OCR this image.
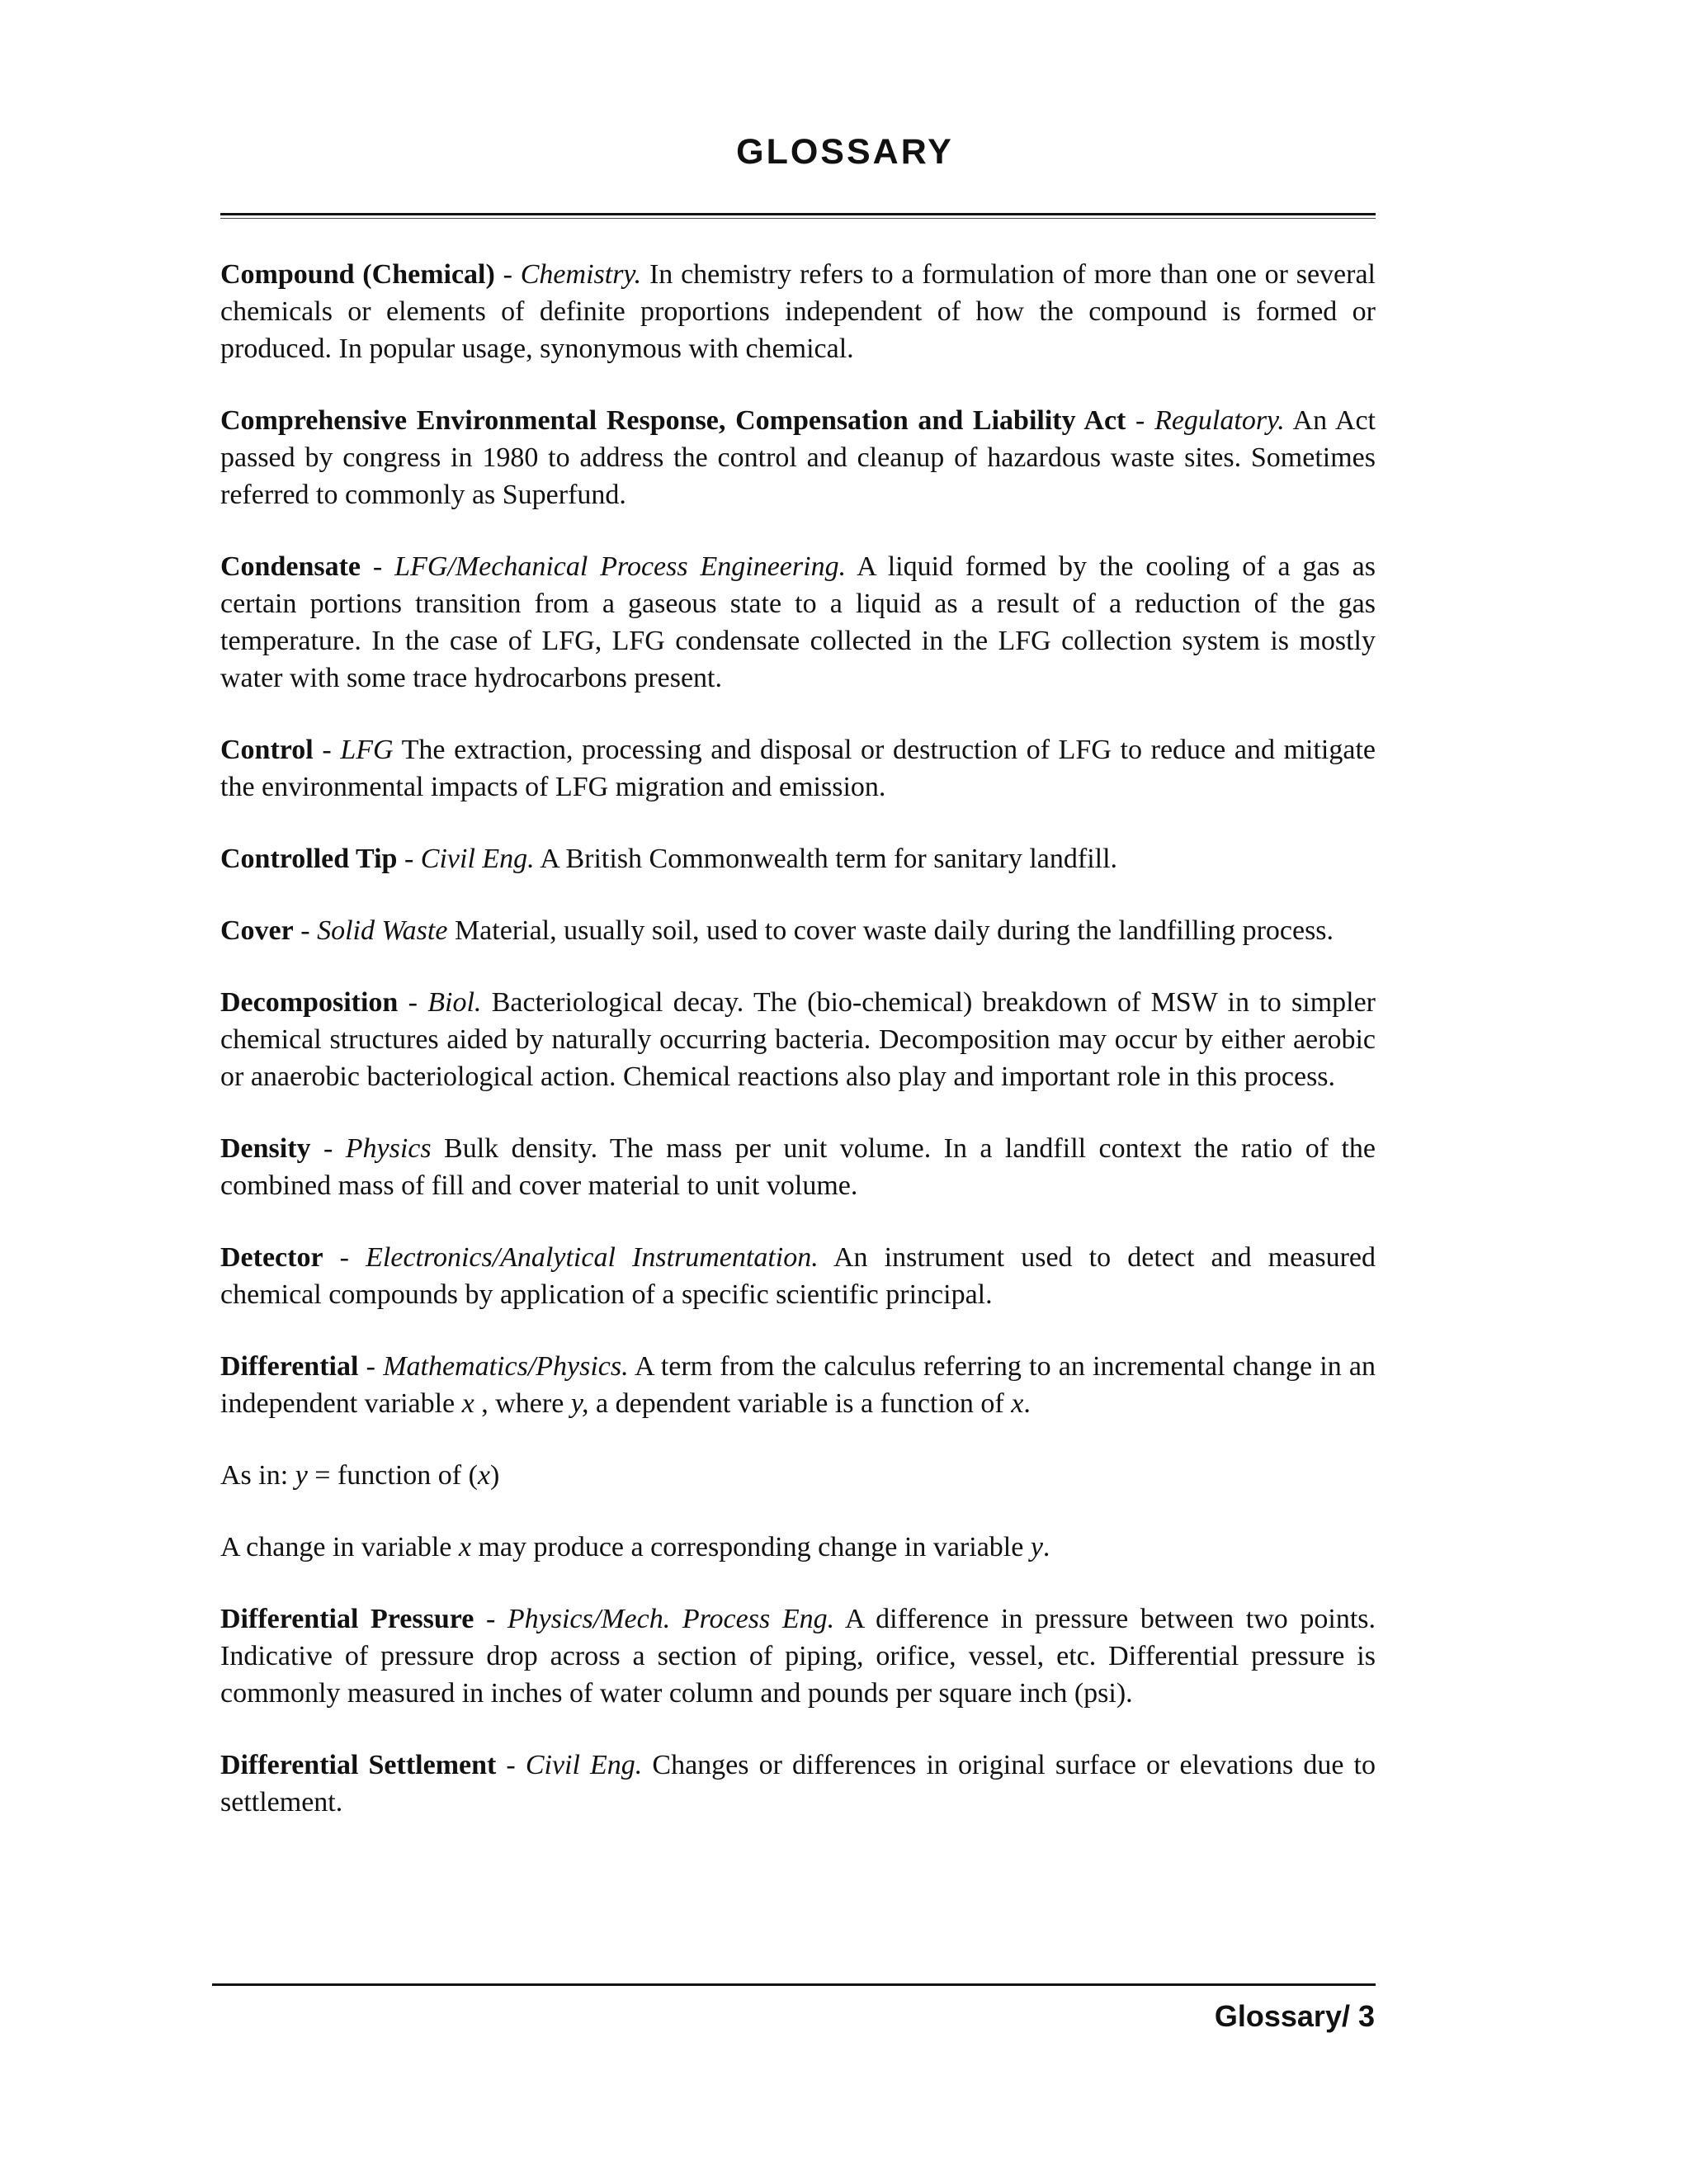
GLOSSARY

Compound (Chemical) - Chemistry. In chemistry refers to a formulation of more than one or several chemicals or elements of definite proportions independent of how the compound is formed or produced. In popular usage, synonymous with chemical.

Comprehensive Environmental Response, Compensation and Liability Act - Regulatory. An Act passed by congress in 1980 to address the control and cleanup of hazardous waste sites. Sometimes referred to commonly as Superfund.

Condensate - LFG/Mechanical Process Engineering. A liquid formed by the cooling of a gas as certain portions transition from a gaseous state to a liquid as a result of a reduction of the gas temperature. In the case of LFG, LFG condensate collected in the LFG collection system is mostly water with some trace hydrocarbons present.

Control - LFG The extraction, processing and disposal or destruction of LFG to reduce and mitigate the environmental impacts of LFG migration and emission.

Controlled Tip - Civil Eng. A British Commonwealth term for sanitary landfill.

Cover - Solid Waste Material, usually soil, used to cover waste daily during the landfilling process.

Decomposition - Biol. Bacteriological decay. The (bio-chemical) breakdown of MSW in to simpler chemical structures aided by naturally occurring bacteria. Decomposition may occur by either aerobic or anaerobic bacteriological action. Chemical reactions also play and important role in this process.

Density - Physics Bulk density. The mass per unit volume. In a landfill context the ratio of the combined mass of fill and cover material to unit volume.

Detector - Electronics/Analytical Instrumentation. An instrument used to detect and measured chemical compounds by application of a specific scientific principal.

Differential - Mathematics/Physics. A term from the calculus referring to an incremental change in an independent variable x , where y, a dependent variable is a function of x.

As in: y = function of (x)

A change in variable x may produce a corresponding change in variable y.

Differential Pressure - Physics/Mech. Process Eng. A difference in pressure between two points. Indicative of pressure drop across a section of piping, orifice, vessel, etc. Differential pressure is commonly measured in inches of water column and pounds per square inch (psi).

Differential Settlement - Civil Eng. Changes or differences in original surface or elevations due to settlement.

Glossary/ 3
